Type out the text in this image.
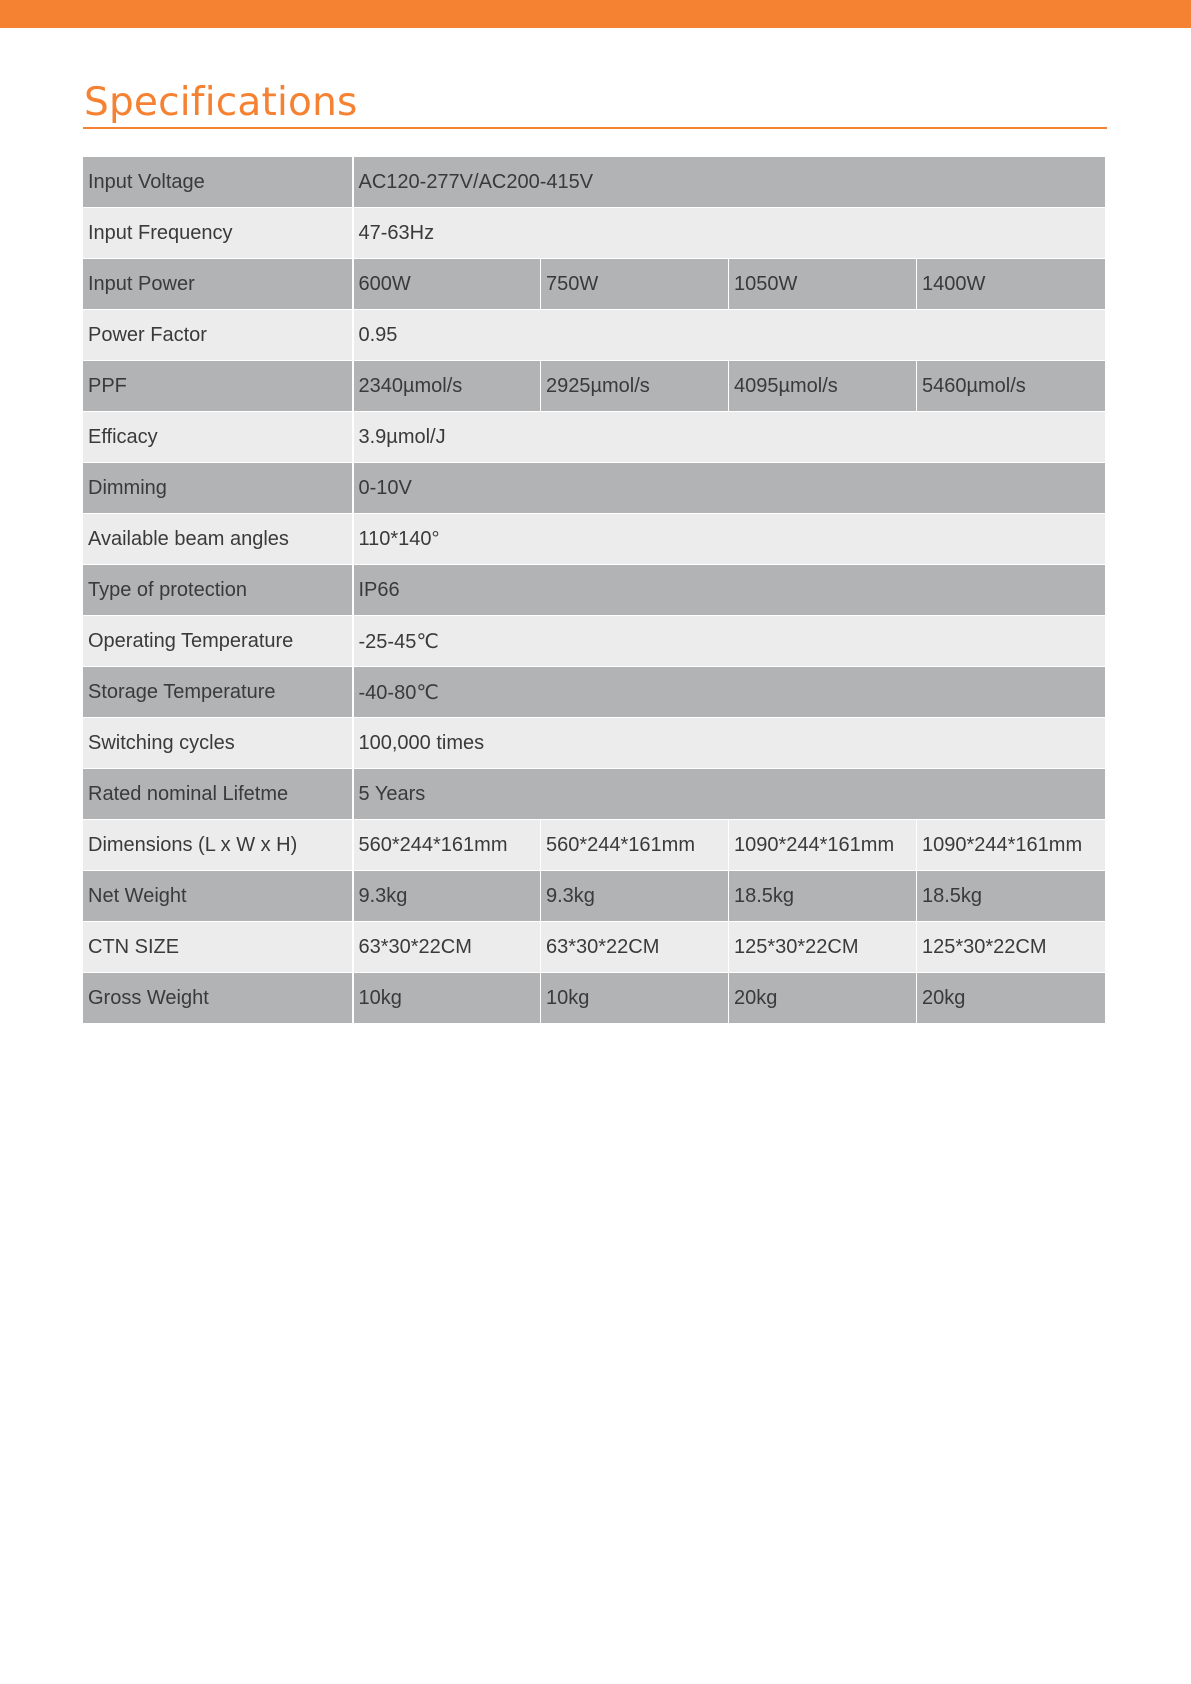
Specifications
Input Voltage	AC120-277V/AC200-415V			
Input Frequency	47-63Hz			
Input Power	600W	750W	1050W	1400W
Power Factor	0.95			
PPF	2340µmol/s	2925µmol/s	4095µmol/s	5460µmol/s
Efficacy	3.9µmol/J			
Dimming	0-10V			
Available beam angles	110*140°			
Type of protection	IP66			
Operating Temperature	-25-45℃			
Storage Temperature	-40-80℃			
Switching cycles	100,000 times			
Rated nominal Lifetme	5 Years			
Dimensions (L x W x H)	560*244*161mm	560*244*161mm	1090*244*161mm	1090*244*161mm
Net Weight	9.3kg	9.3kg	18.5kg	18.5kg
CTN SIZE	63*30*22CM	63*30*22CM	125*30*22CM	125*30*22CM
Gross Weight	10kg	10kg	20kg	20kg
